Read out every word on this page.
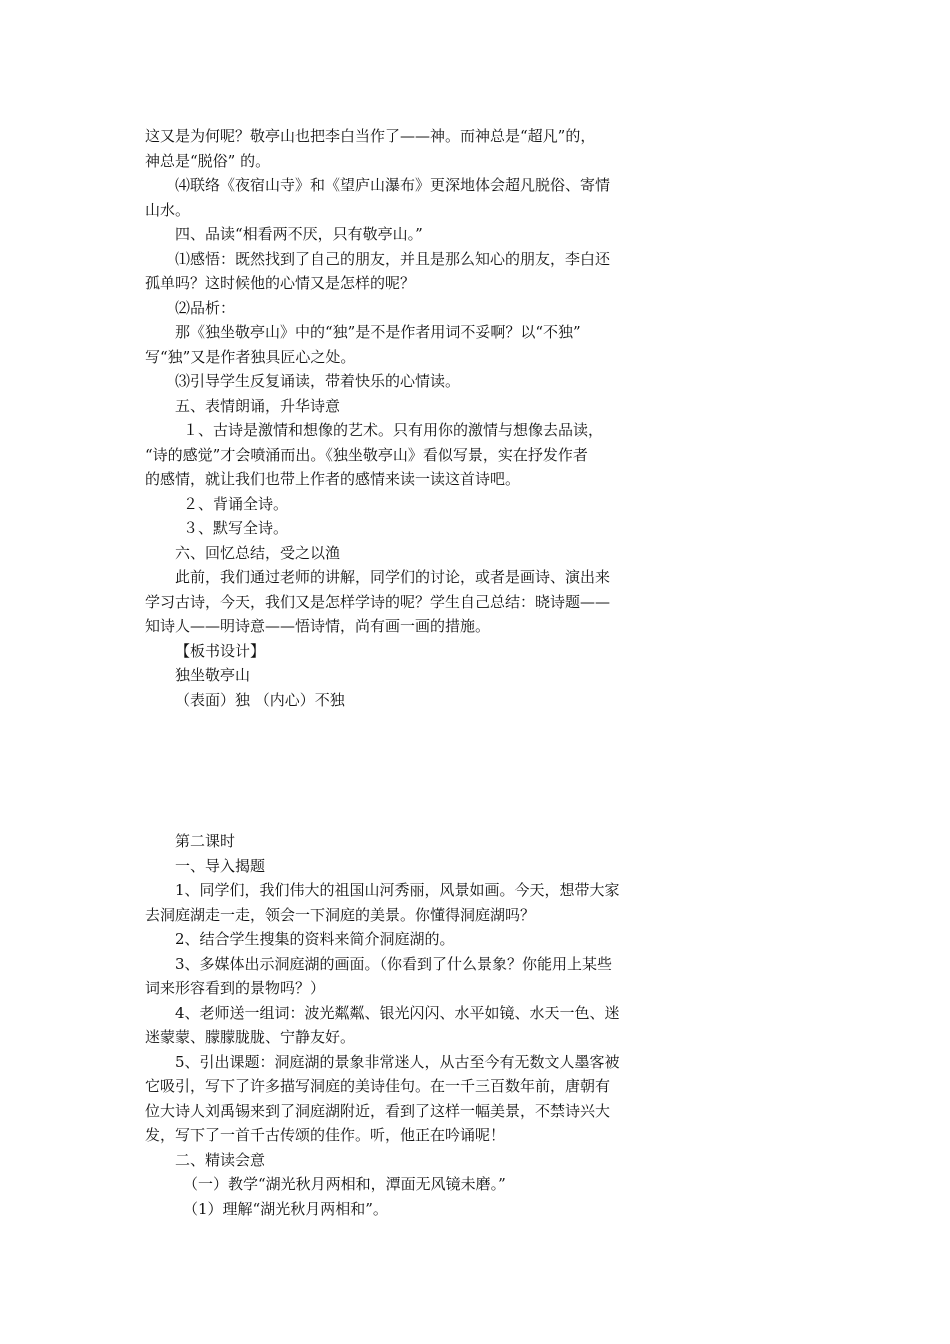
这又是为何呢？敬亭山也把李白当作了——神。而神总是“超凡”的，
神总是“脱俗” 的。
⑷联络《夜宿山寺》和《望庐山瀑布》更深地体会超凡脱俗、寄情
山水。
四、品读“相看两不厌，只有敬亭山。”
⑴感悟：既然找到了自己的朋友，并且是那么知心的朋友，李白还
孤单吗？这时候他的心情又是怎样的呢？
⑵品析：
那《独坐敬亭山》中的“独”是不是作者用词不妥啊？以“不独”
写“独”又是作者独具匠心之处。
⑶引导学生反复诵读，带着快乐的心情读。
五、表情朗诵，升华诗意
１、古诗是激情和想像的艺术。只有用你的激情与想像去品读，
“诗的感觉”才会喷涌而出。《独坐敬亭山》看似写景，实在抒发作者
的感情，就让我们也带上作者的感情来读一读这首诗吧。
２、背诵全诗。
３、默写全诗。
六、回忆总结，受之以渔
此前，我们通过老师的讲解，同学们的讨论，或者是画诗、演出来
学习古诗，今天，我们又是怎样学诗的呢？学生自己总结：晓诗题——
知诗人——明诗意——悟诗情，尚有画一画的措施。
【板书设计】
独坐敬亭山
（表面）独 （内心）不独
第二课时
一、导入揭题
1、同学们，我们伟大的祖国山河秀丽，风景如画。今天，想带大家
去洞庭湖走一走，领会一下洞庭的美景。你懂得洞庭湖吗？
2、结合学生搜集的资料来简介洞庭湖的。
3、多媒体出示洞庭湖的画面。（你看到了什么景象？你能用上某些
词来形容看到的景物吗？）
4、老师送一组词：波光粼粼、银光闪闪、水平如镜、水天一色、迷
迷蒙蒙、朦朦胧胧、宁静友好。
5、引出课题：洞庭湖的景象非常迷人，从古至今有无数文人墨客被
它吸引，写下了许多描写洞庭的美诗佳句。在一千三百数年前，唐朝有
位大诗人刘禹锡来到了洞庭湖附近，看到了这样一幅美景，不禁诗兴大
发，写下了一首千古传颂的佳作。听，他正在吟诵呢！
二、精读会意
（一）教学“湖光秋月两相和，潭面无风镜未磨。”
（1）理解“湖光秋月两相和”。
